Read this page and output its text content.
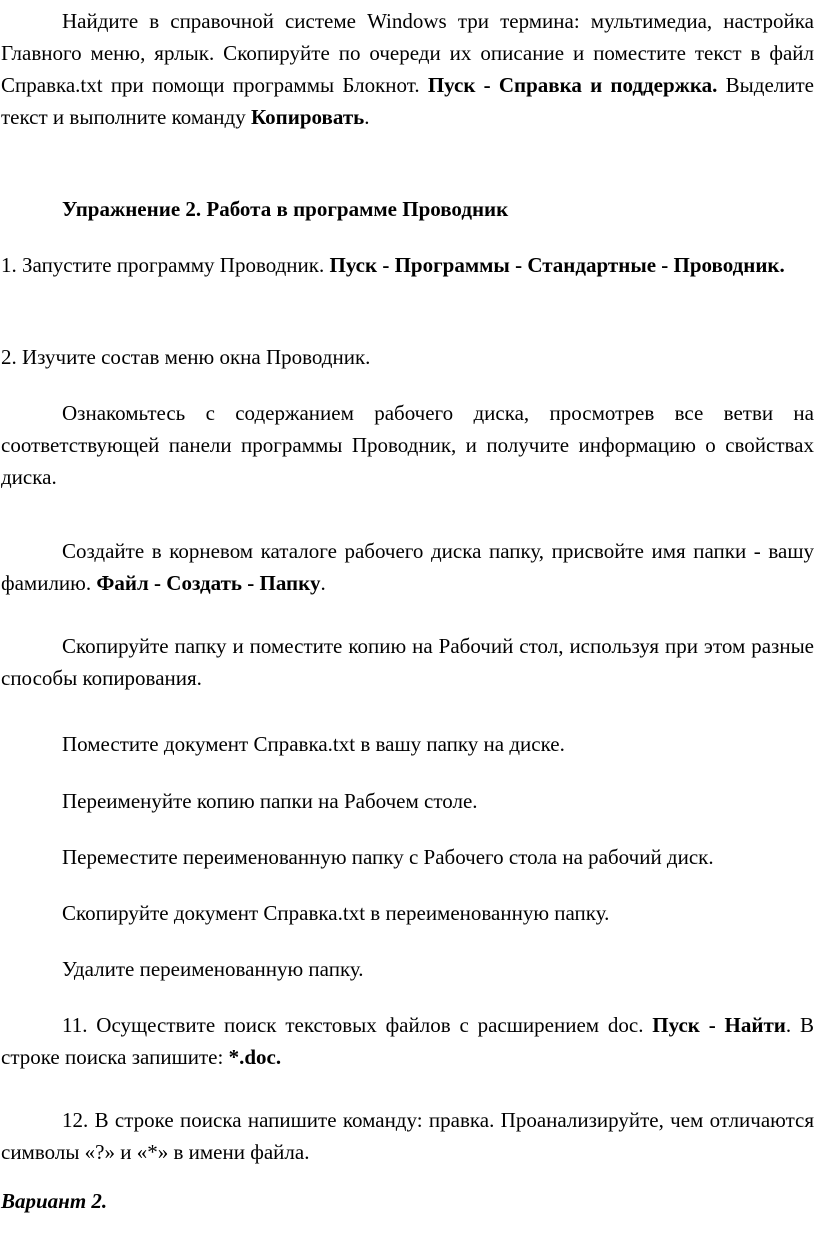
Найдите в справочной системе Windows три термина: мультимедиа, настройка Главного меню, ярлык. Скопируйте по очереди их описание и поместите текст в файл Справка.txt при помощи программы Блокнот. Пуск - Справка и поддержка. Выделите текст и выполните команду Копировать.

Упражнение 2. Работа в программе Проводник

1. Запустите программу Проводник. Пуск - Программы - Стандартные - Проводник.

2. Изучите состав меню окна Проводник.

Ознакомьтесь с содержанием рабочего диска, просмотрев все ветви на соответствующей панели программы Проводник, и получите информацию о свойствах диска.

Создайте в корневом каталоге рабочего диска папку, присвойте имя папки - вашу фамилию. Файл - Создать - Папку.

Скопируйте папку и поместите копию на Рабочий стол, используя при этом разные способы копирования.

Поместите документ Справка.txt в вашу папку на диске.

Переименуйте копию папки на Рабочем столе.

Переместите переименованную папку с Рабочего стола на рабочий диск.

Скопируйте документ Справка.txt в переименованную папку.

Удалите переименованную папку.

11. Осуществите поиск текстовых файлов с расширением doc. Пуск - Найти. В строке поиска запишите: *.doc.

12. В строке поиска напишите команду: правка. Проанализируйте, чем отличаются символы «?» и «*» в имени файла.

Вариант 2.
